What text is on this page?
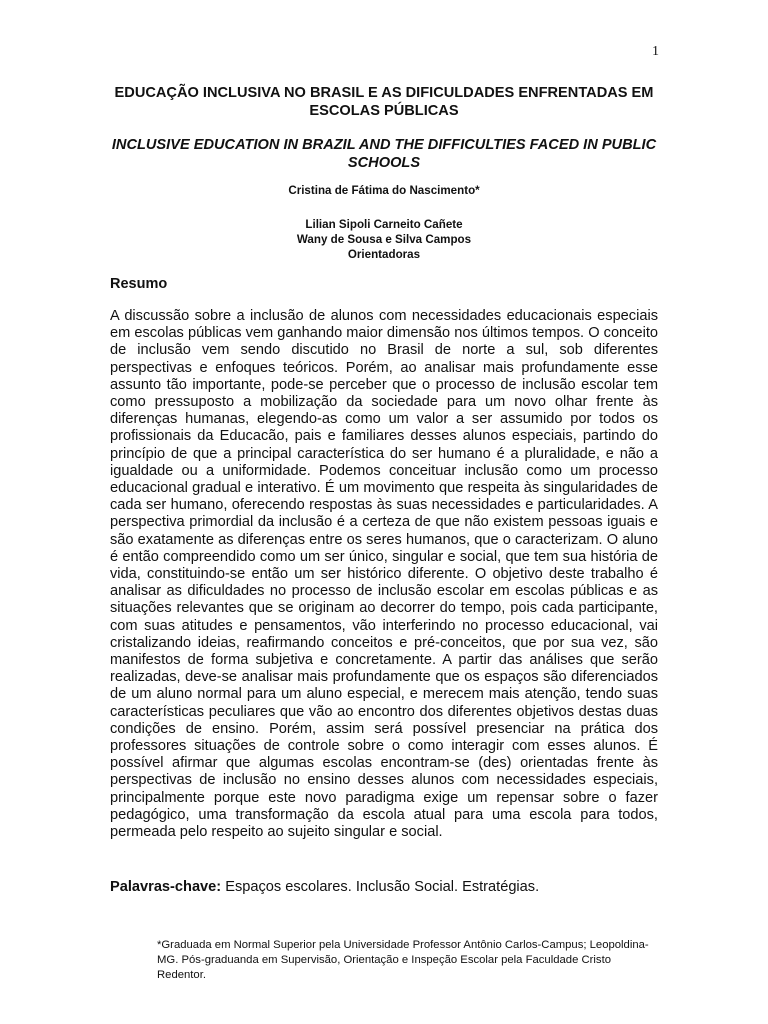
1
EDUCAÇÃO INCLUSIVA NO BRASIL E AS DIFICULDADES ENFRENTADAS EM ESCOLAS PÚBLICAS
INCLUSIVE EDUCATION IN BRAZIL AND THE DIFFICULTIES FACED IN PUBLIC SCHOOLS
Cristina de Fátima do Nascimento*
Lilian Sipoli Carneito Cañete
Wany de Sousa e Silva Campos
Orientadoras
Resumo

A discussão sobre a inclusão de alunos com necessidades educacionais especiais em escolas públicas vem ganhando maior dimensão nos últimos tempos. O conceito de inclusão vem sendo discutido no Brasil de norte a sul, sob diferentes perspectivas e enfoques teóricos. Porém, ao analisar mais profundamente esse assunto tão importante, pode-se perceber que o processo de inclusão escolar tem como pressuposto a mobilização da sociedade para um novo olhar frente às diferenças humanas, elegendo-as como um valor a ser assumido por todos os profissionais da Educacão, pais e familiares desses alunos especiais, partindo do princípio de que a principal característica do ser humano é a pluralidade, e não a igualdade ou a uniformidade. Podemos conceituar inclusão como um processo educacional gradual e interativo. É um movimento que respeita às singularidades de cada ser humano, oferecendo respostas às suas necessidades e particularidades. A perspectiva primordial da inclusão é a certeza de que não existem pessoas iguais e são exatamente as diferenças entre os seres humanos, que o caracterizam. O aluno é então compreendido como um ser único, singular e social, que tem sua história de vida, constituindo-se então um ser histórico diferente. O objetivo deste trabalho é analisar as dificuldades no processo de inclusão escolar em escolas públicas e as situações relevantes que se originam ao decorrer do tempo, pois cada participante, com suas atitudes e pensamentos, vão interferindo no processo educacional, vai cristalizando ideias, reafirmando conceitos e pré-conceitos, que por sua vez, são manifestos de forma subjetiva e concretamente. A partir das análises que serão realizadas, deve-se analisar mais profundamente que os espaços são diferenciados de um aluno normal para um aluno especial, e merecem mais atenção, tendo suas características peculiares que vão ao encontro dos diferentes objetivos destas duas condições de ensino. Porém, assim será possível presenciar na prática dos professores situações de controle sobre o como interagir com esses alunos. É possível afirmar que algumas escolas encontram-se (des) orientadas frente às perspectivas de inclusão no ensino desses alunos com necessidades especiais, principalmente porque este novo paradigma exige um repensar sobre o fazer pedagógico, uma transformação da escola atual para uma escola para todos, permeada pelo respeito ao sujeito singular e social.

Palavras-chave: Espaços escolares. Inclusão Social. Estratégias.
*Graduada em Normal Superior pela Universidade Professor Antônio Carlos-Campus; Leopoldina-MG. Pós-graduanda em Supervisão, Orientação e Inspeção Escolar pela Faculdade Cristo Redentor.
